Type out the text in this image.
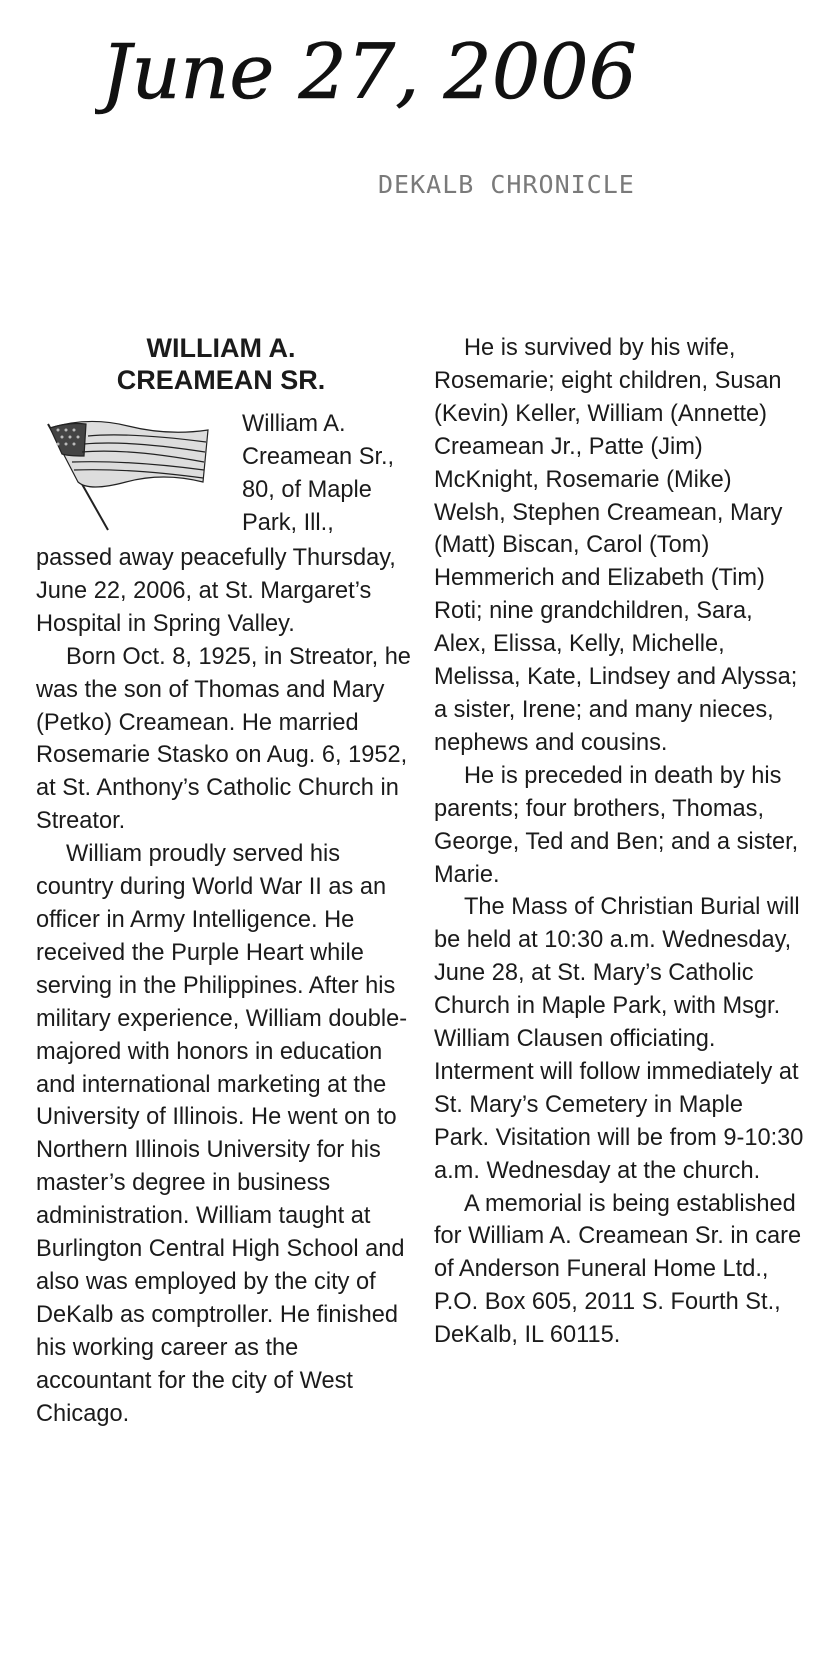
June 27, 2006
DEKALB CHRONICLE
WILLIAM A.
CREAMEAN SR.
William A.
Creamean Sr.,
80, of Maple
Park, Ill.,

passed away peacefully Thursday, June 22, 2006, at St. Margaret’s Hospital in Spring Valley.

Born Oct. 8, 1925, in Streator, he was the son of Thomas and Mary (Petko) Creamean. He married Rosemarie Stasko on Aug. 6, 1952, at St. Anthony’s Catholic Church in Streator.

William proudly served his country during World War II as an officer in Army Intelligence. He received the Purple Heart while serving in the Philippines. After his military experience, William double-majored with honors in education and international marketing at the University of Illinois. He went on to Northern Illinois University for his master’s degree in business administration. William taught at Burlington Central High School and also was employed by the city of DeKalb as comptroller. He finished his working career as the accountant for the city of West Chicago.

He is survived by his wife, Rosemarie; eight children, Susan (Kevin) Keller, William (Annette) Creamean Jr., Patte (Jim) McKnight, Rosemarie (Mike) Welsh, Stephen Creamean, Mary (Matt) Biscan, Carol (Tom) Hemmerich and Elizabeth (Tim) Roti; nine grandchildren, Sara, Alex, Elissa, Kelly, Michelle, Melissa, Kate, Lindsey and Alyssa; a sister, Irene; and many nieces, nephews and cousins.

He is preceded in death by his parents; four brothers, Thomas, George, Ted and Ben; and a sister, Marie.

The Mass of Christian Burial will be held at 10:30 a.m. Wednesday, June 28, at St. Mary’s Catholic Church in Maple Park, with Msgr. William Clausen officiating. Interment will follow immediately at St. Mary’s Cemetery in Maple Park. Visitation will be from 9-10:30 a.m. Wednesday at the church.

A memorial is being established for William A. Creamean Sr. in care of Anderson Funeral Home Ltd., P.O. Box 605, 2011 S. Fourth St., DeKalb, IL 60115.
